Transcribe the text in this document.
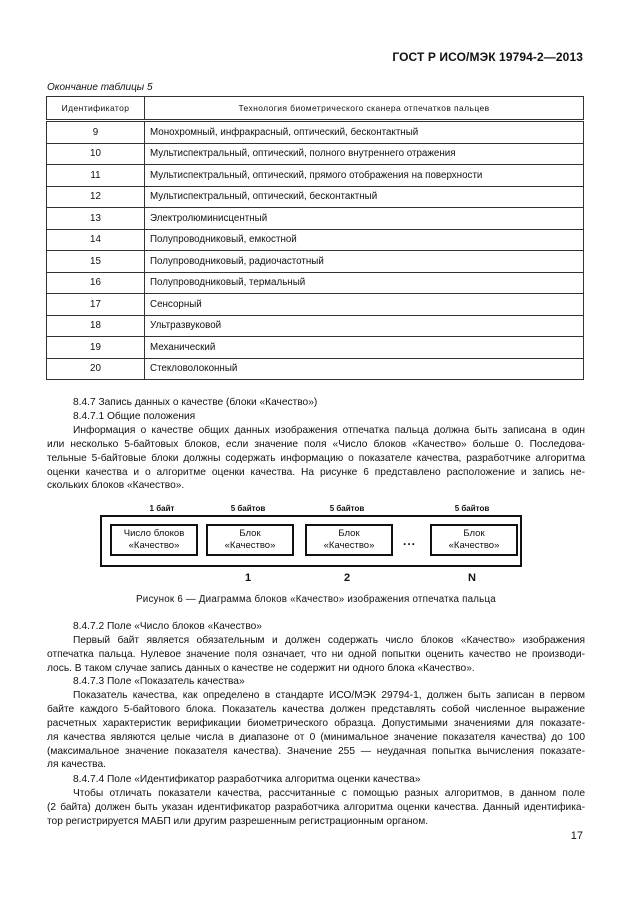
ГОСТ Р ИСО/МЭК 19794-2—2013
Окончание таблицы 5
Идентификатор	Технология биометрического сканера отпечатков пальцев
9	Монохромный, инфракрасный, оптический, бесконтактный
10	Мультиспектральный, оптический, полного внутреннего отражения
11	Мультиспектральный, оптический, прямого отображения на поверхности
12	Мультиспектральный, оптический, бесконтактный
13	Электролюминисцентный
14	Полупроводниковый, емкостной
15	Полупроводниковый, радиочастотный
16	Полупроводниковый, термальный
17	Сенсорный
18	Ультразвуковой
19	Механический
20	Стекловолоконный
8.4.7 Запись данных о качестве (блоки «Качество»)
8.4.7.1 Общие положения
Информация о качестве общих данных изображения отпечатка пальца должна быть записана в один
или несколько 5-байтовых блоков, если значение поля «Число блоков «Качество» больше 0. Последова-
тельные 5-байтовые блоки должны содержать информацию о показателе качества, разработчике алгоритма
оценки качества и о алгоритме оценки качества. На рисунке 6 представлено расположение и запись не-
скольких блоков «Качество».
1 байт	5 байтов	5 байтов	5 байтов
Число блоков
«Качество»
Блок
«Качество»
Блок
«Качество»	...
Блок
«Качество»
1	2	N
Рисунок 6 — Диаграмма блоков «Качество» изображения отпечатка пальца
8.4.7.2 Поле «Число блоков «Качество»
Первый байт является обязательным и должен содержать число блоков «Качество» изображения
отпечатка пальца. Нулевое значение поля означает, что ни одной попытки оценить качество не производи-
лось. В таком случае запись данных о качестве не содержит ни одного блока «Качество».
8.4.7.3 Поле «Показатель качества»
Показатель качества, как определено в стандарте ИСО/МЭК 29794-1, должен быть записан в первом
байте каждого 5-байтового блока. Показатель качества должен представлять собой численное выражение
расчетных характеристик верификации биометрического образца. Допустимыми значениями для показате-
ля качества являются целые числа в диапазоне от 0 (минимальное значение показателя качества) до 100
(максимальное значение показателя качества). Значение 255 — неудачная попытка вычисления показате-
ля качества.
8.4.7.4 Поле «Идентификатор разработчика алгоритма оценки качества»
Чтобы отличать показатели качества, рассчитанные с помощью разных алгоритмов, в данном поле
(2 байта) должен быть указан идентификатор разработчика алгоритма оценки качества. Данный идентифика-
тор регистрируется МАБП или другим разрешенным регистрационным органом.
17
